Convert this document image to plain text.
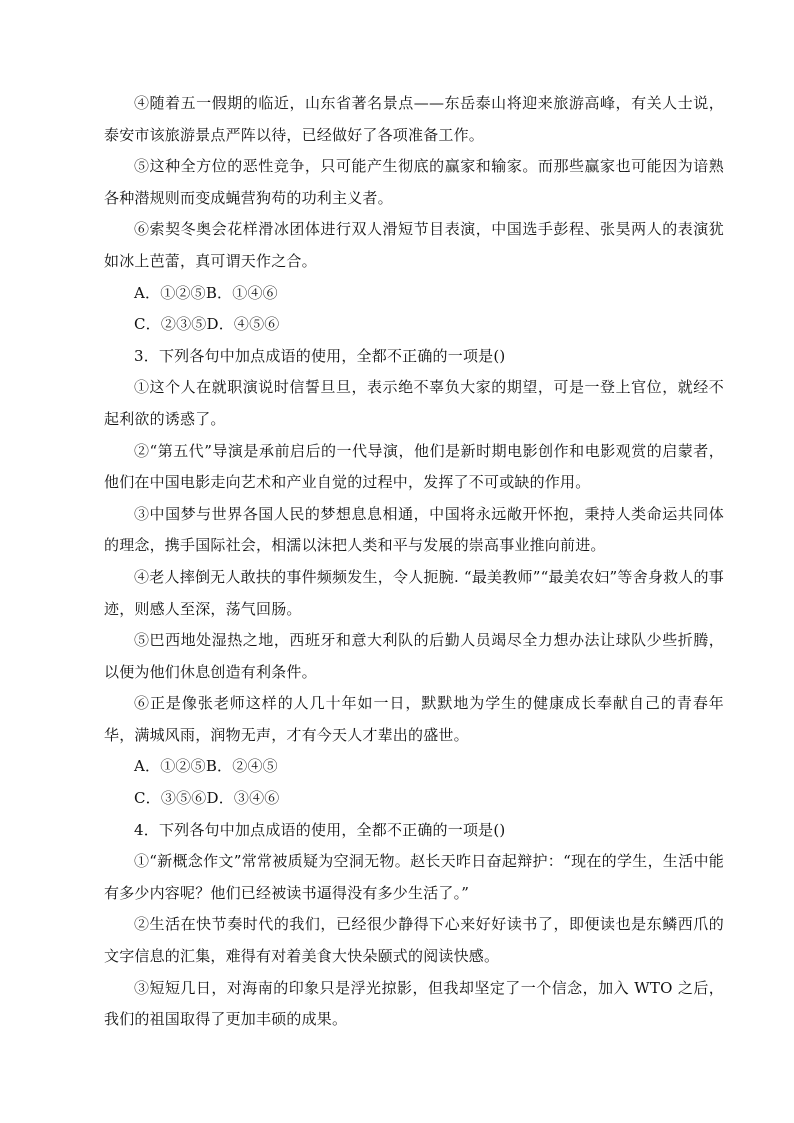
④随着五一假期的临近，山东省著名景点——东岳泰山将迎来旅游高峰，有关人士说，泰安市该旅游景点严阵以待，已经做好了各项准备工作。

⑤这种全方位的恶性竞争，只可能产生彻底的赢家和输家。而那些赢家也可能因为谙熟各种潜规则而变成蝇营狗苟的功利主义者。

⑥索契冬奥会花样滑冰团体进行双人滑短节目表演，中国选手彭程、张昊两人的表演犹如冰上芭蕾，真可谓天作之合。

A．①②⑤B．①④⑥

C．②③⑤D．④⑤⑥

3．下列各句中加点成语的使用，全都不正确的一项是()

①这个人在就职演说时信誓旦旦，表示绝不辜负大家的期望，可是一登上官位，就经不起利欲的诱惑了。

②“第五代”导演是承前启后的一代导演，他们是新时期电影创作和电影观赏的启蒙者，他们在中国电影走向艺术和产业自觉的过程中，发挥了不可或缺的作用。

③中国梦与世界各国人民的梦想息息相通，中国将永远敞开怀抱，秉持人类命运共同体的理念，携手国际社会，相濡以沫把人类和平与发展的崇高事业推向前进。

④老人摔倒无人敢扶的事件频频发生，令人扼腕. “最美教师”“最美农妇”等舍身救人的事迹，则感人至深，荡气回肠。

⑤巴西地处湿热之地，西班牙和意大利队的后勤人员竭尽全力想办法让球队少些折腾，以便为他们休息创造有利条件。

⑥正是像张老师这样的人几十年如一日，默默地为学生的健康成长奉献自己的青春年华，满城风雨，润物无声，才有今天人才辈出的盛世。

A．①②⑤B．②④⑤

C．③⑤⑥D．③④⑥

4．下列各句中加点成语的使用，全都不正确的一项是()

①“新概念作文”常常被质疑为空洞无物。赵长天昨日奋起辩护：“现在的学生，生活中能有多少内容呢？他们已经被读书逼得没有多少生活了。”

②生活在快节奏时代的我们，已经很少静得下心来好好读书了，即便读也是东鳞西爪的文字信息的汇集，难得有对着美食大快朵颐式的阅读快感。

③短短几日，对海南的印象只是浮光掠影，但我却坚定了一个信念，加入 WTO 之后，我们的祖国取得了更加丰硕的成果。
